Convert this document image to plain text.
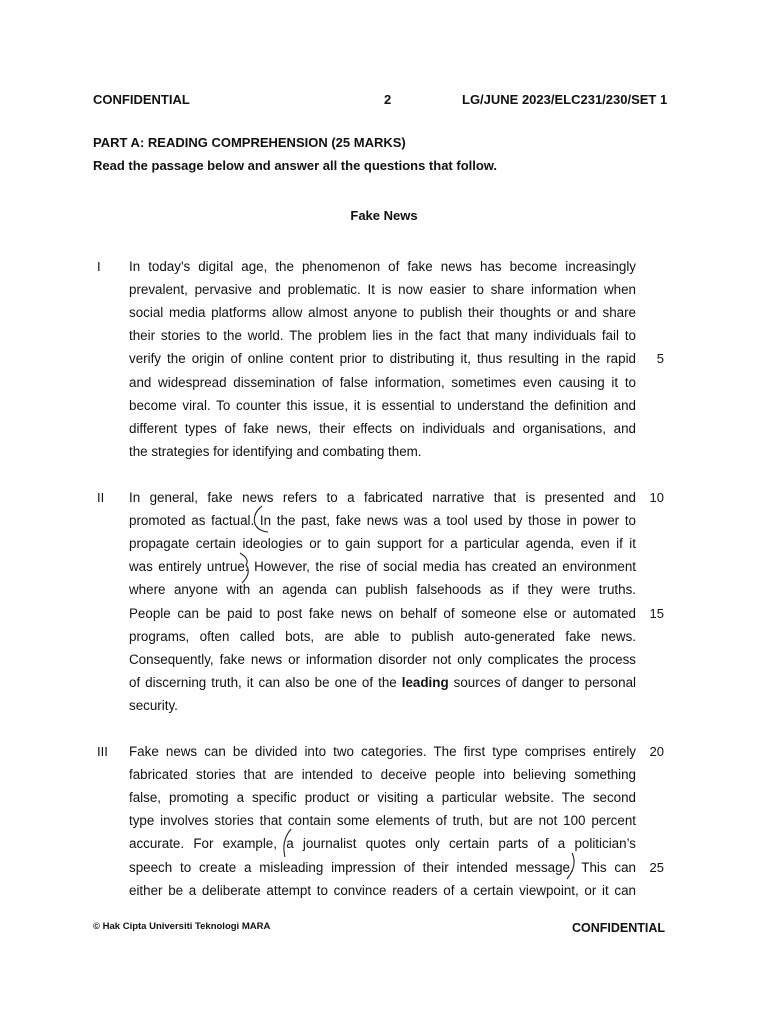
CONFIDENTIAL	2	LG/JUNE 2023/ELC231/230/SET 1
PART A: READING COMPREHENSION (25 MARKS)
Read the passage below and answer all the questions that follow.
Fake News
I In today's digital age, the phenomenon of fake news has become increasingly
prevalent, pervasive and problematic. It is now easier to share information when
social media platforms allow almost anyone to publish their thoughts or and share
their stories to the world. The problem lies in the fact that many individuals fail to
verify the origin of online content prior to distributing it, thus resulting in the rapid
and widespread dissemination of false information, sometimes even causing it to
become viral. To counter this issue, it is essential to understand the definition and
different types of fake news, their effects on individuals and organisations, and
the strategies for identifying and combating them.
5
II In general, fake news refers to a fabricated narrative that is presented and
promoted as factual. In the past, fake news was a tool used by those in power to
propagate certain ideologies or to gain support for a particular agenda, even if it
was entirely untrue. However, the rise of social media has created an environment
where anyone with an agenda can publish falsehoods as if they were truths.
People can be paid to post fake news on behalf of someone else or automated
programs, often called bots, are able to publish auto-generated fake news.
Consequently, fake news or information disorder not only complicates the process
of discerning truth, it can also be one of the leading sources of danger to personal
security.
10
15
III Fake news can be divided into two categories. The first type comprises entirely
fabricated stories that are intended to deceive people into believing something
false, promoting a specific product or visiting a particular website. The second
type involves stories that contain some elements of truth, but are not 100 percent
accurate. For example, a journalist quotes only certain parts of a politician’s
speech to create a misleading impression of their intended message. This can
either be a deliberate attempt to convince readers of a certain viewpoint, or it can
20
25
© Hak Cipta Universiti Teknologi MARA	CONFIDENTIAL
